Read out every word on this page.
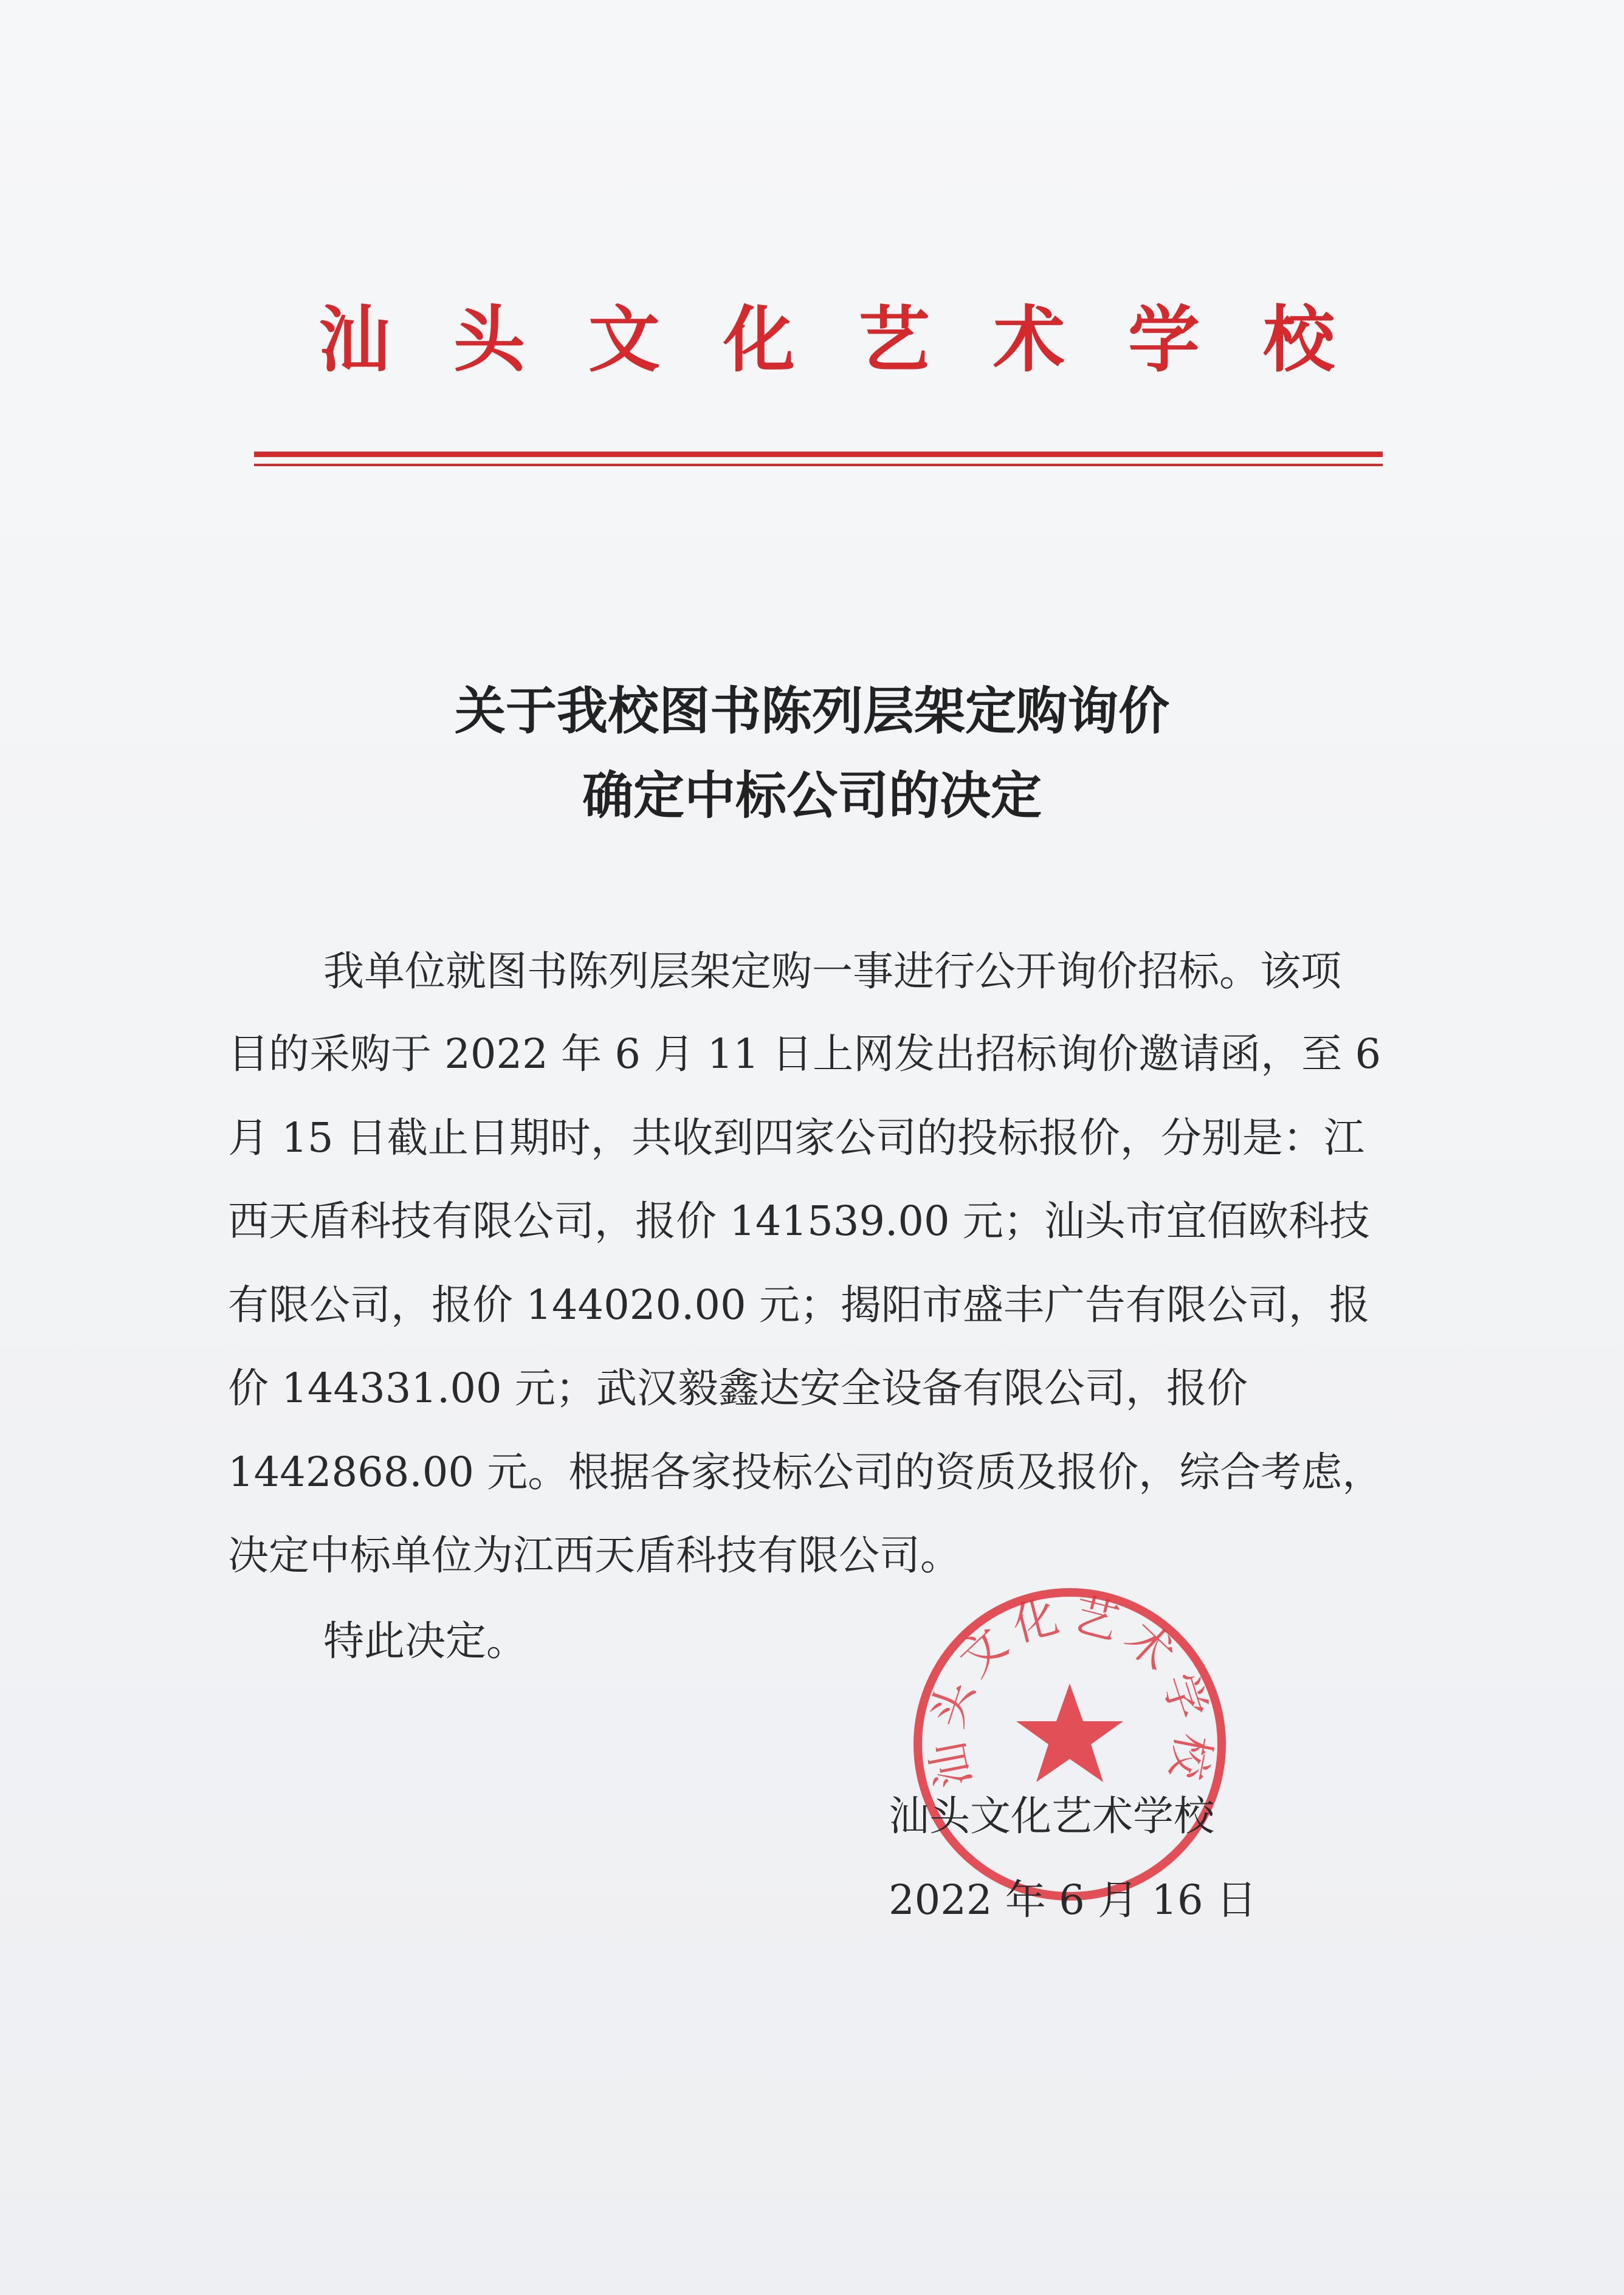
汕头文化艺术学校
关于我校图书陈列层架定购询价
确定中标公司的决定
我单位就图书陈列层架定购一事进行公开询价招标。该项
目的采购于 2022 年 6 月 11 日上网发出招标询价邀请函，至 6
月 15 日截止日期时，共收到四家公司的投标报价，分别是：江
西天盾科技有限公司，报价 141539.00 元；汕头市宜佰欧科技
有限公司，报价 144020.00 元；揭阳市盛丰广告有限公司，报
价 144331.00 元；武汉毅鑫达安全设备有限公司，报价
1442868.00 元。根据各家投标公司的资质及报价，综合考虑，
决定中标单位为江西天盾科技有限公司。
特此决定。
汕头文化艺术学校
汕头文化艺术学校
2022 年 6 月 16 日
